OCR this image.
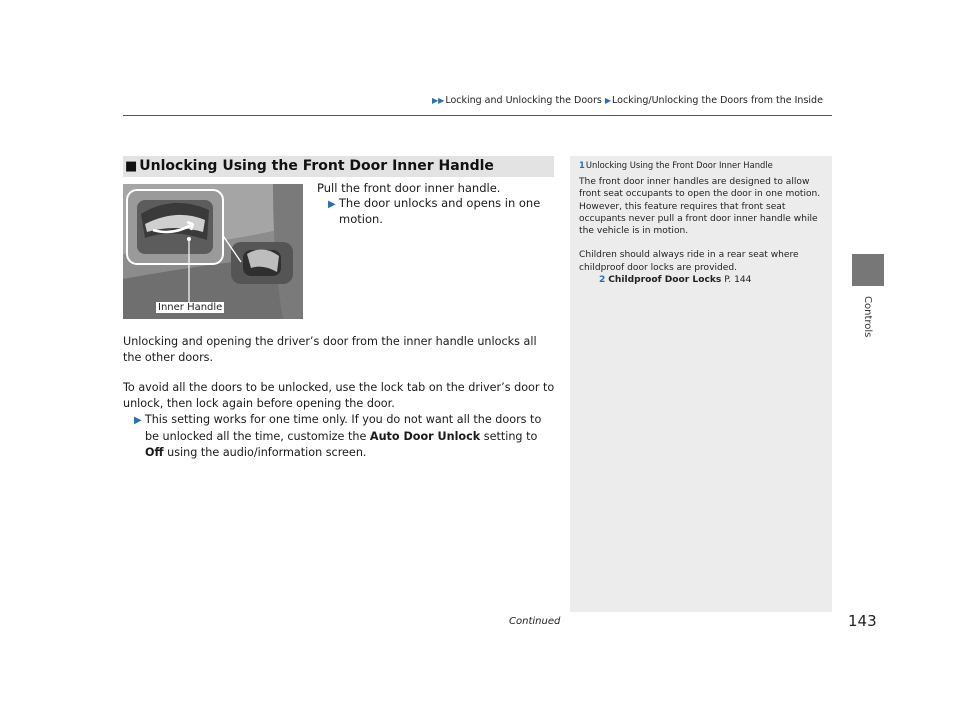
▶▶Locking and Unlocking the Doors ▶Locking/Unlocking the Doors from the Inside
■ Unlocking Using the Front Door Inner Handle
Inner Handle
Pull the front door inner handle.
▶ The door unlocks and opens in one motion.
Unlocking and opening the driver’s door from the inner handle unlocks all the other doors.
To avoid all the doors to be unlocked, use the lock tab on the driver’s door to unlock, then lock again before opening the door.
▶ This setting works for one time only. If you do not want all the doors to be unlocked all the time, customize the Auto Door Unlock setting to Off using the audio/information screen.
1Unlocking Using the Front Door Inner Handle

The front door inner handles are designed to allow front seat occupants to open the door in one motion. However, this feature requires that front seat occupants never pull a front door inner handle while the vehicle is in motion.

Children should always ride in a rear seat where childproof door locks are provided.

2 Childproof Door Locks P. 144
Controls
Continued	143
